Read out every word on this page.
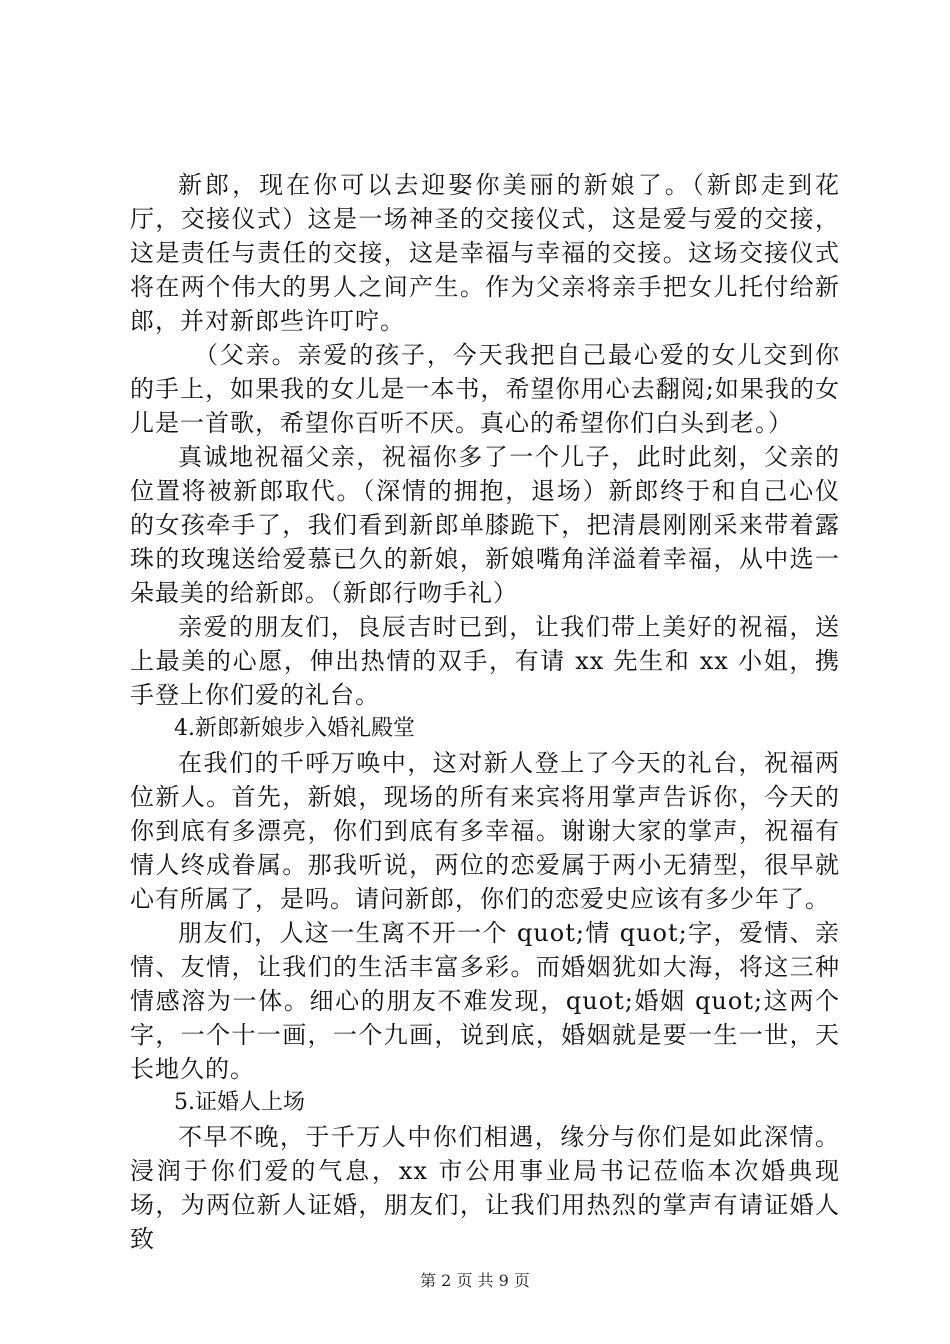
新郎，现在你可以去迎娶你美丽的新娘了。（新郎走到花厅，交接仪式）这是一场神圣的交接仪式，这是爱与爱的交接，这是责任与责任的交接，这是幸福与幸福的交接。这场交接仪式将在两个伟大的男人之间产生。作为父亲将亲手把女儿托付给新郎，并对新郎些许叮咛。

（父亲。亲爱的孩子，今天我把自己最心爱的女儿交到你的手上，如果我的女儿是一本书，希望你用心去翻阅;如果我的女儿是一首歌，希望你百听不厌。真心的希望你们白头到老。）

真诚地祝福父亲，祝福你多了一个儿子，此时此刻，父亲的位置将被新郎取代。（深情的拥抱，退场）新郎终于和自己心仪的女孩牵手了，我们看到新郎单膝跪下，把清晨刚刚采来带着露珠的玫瑰送给爱慕已久的新娘，新娘嘴角洋溢着幸福，从中选一朵最美的给新郎。（新郎行吻手礼）

亲爱的朋友们，良辰吉时已到，让我们带上美好的祝福，送上最美的心愿，伸出热情的双手，有请 xx 先生和 xx 小姐，携手登上你们爱的礼台。

4.新郎新娘步入婚礼殿堂

在我们的千呼万唤中，这对新人登上了今天的礼台，祝福两位新人。首先，新娘，现场的所有来宾将用掌声告诉你，今天的你到底有多漂亮，你们到底有多幸福。谢谢大家的掌声，祝福有情人终成眷属。那我听说，两位的恋爱属于两小无猜型，很早就心有所属了，是吗。请问新郎，你们的恋爱史应该有多少年了。

朋友们，人这一生离不开一个 quot;情 quot;字，爱情、亲情、友情，让我们的生活丰富多彩。而婚姻犹如大海，将这三种情感溶为一体。细心的朋友不难发现，quot;婚姻 quot;这两个字，一个十一画，一个九画，说到底，婚姻就是要一生一世，天长地久的。

5.证婚人上场

不早不晚，于千万人中你们相遇，缘分与你们是如此深情。浸润于你们爱的气息，xx 市公用事业局书记莅临本次婚典现场，为两位新人证婚，朋友们，让我们用热烈的掌声有请证婚人致

第 2 页 共 9 页
